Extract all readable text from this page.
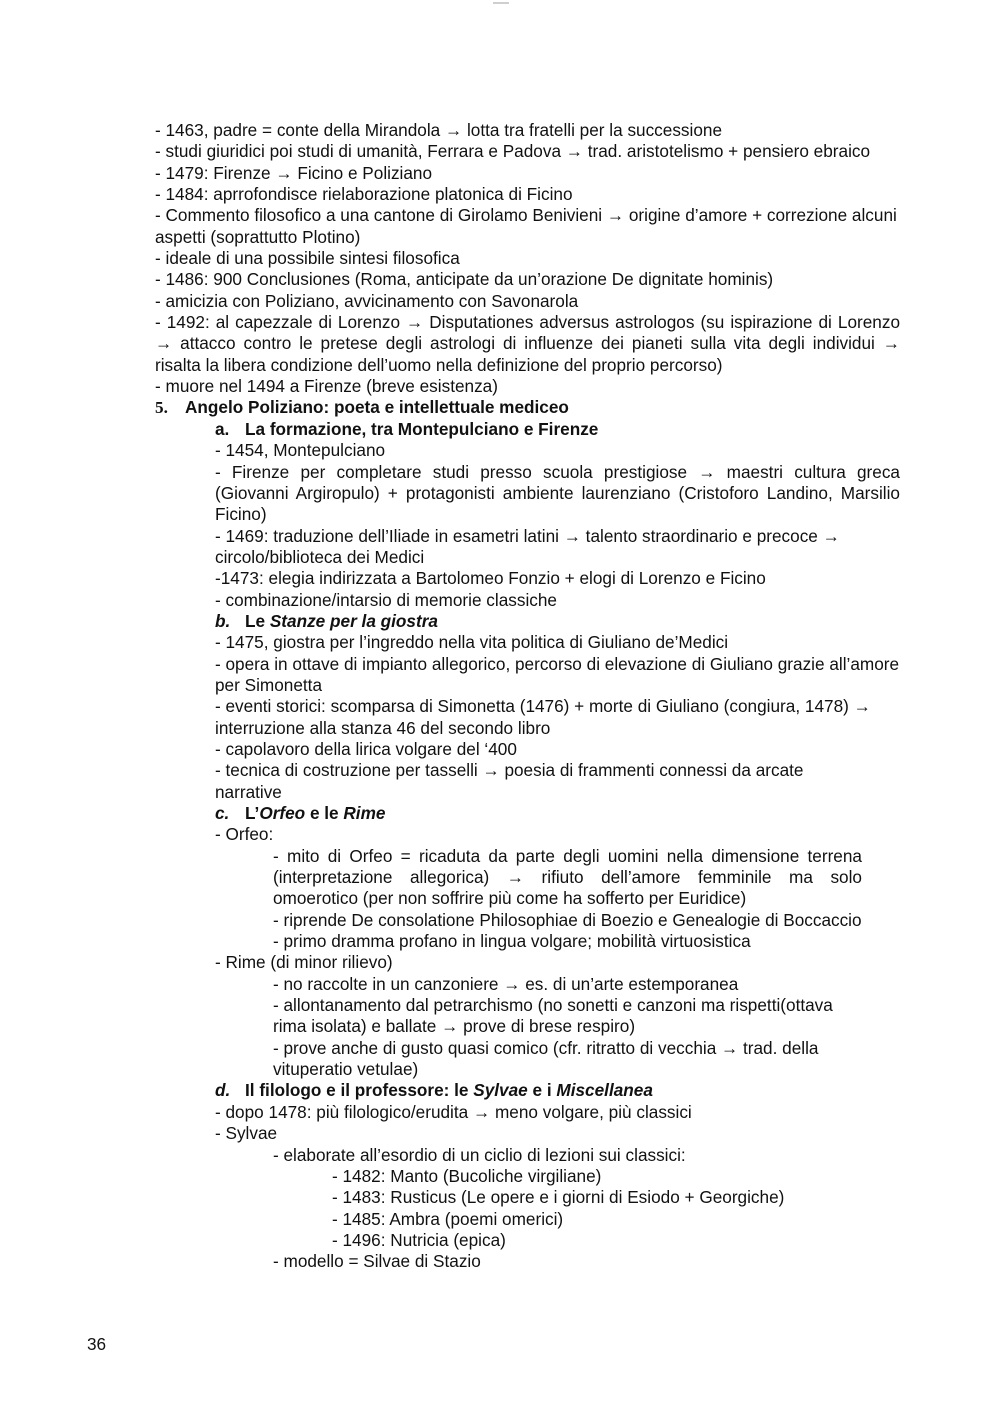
- 1463, padre = conte della Mirandola → lotta tra fratelli per la successione
- studi giuridici poi studi di umanità, Ferrara e Padova → trad. aristotelismo + pensiero ebraico
- 1479: Firenze → Ficino e Poliziano
- 1484: aprrofondisce rielaborazione platonica di Ficino
- Commento filosofico a una cantone di Girolamo Benivieni → origine d’amore + correzione alcuni aspetti (soprattutto Plotino)
- ideale di una possibile sintesi filosofica
- 1486: 900 Conclusiones (Roma, anticipate da un’orazione De dignitate hominis)
- amicizia con Poliziano, avvicinamento con Savonarola
- 1492: al capezzale di Lorenzo → Disputationes adversus astrologos (su ispirazione di Lorenzo → attacco contro le pretese degli astrologi di influenze dei pianeti sulla vita degli individui → risalta la libera condizione dell’uomo nella definizione del proprio percorso)
- muore nel 1494 a Firenze (breve esistenza)
5. Angelo Poliziano: poeta e intellettuale mediceo
a. La formazione, tra Montepulciano e Firenze
- 1454, Montepulciano
- Firenze per completare studi presso scuola prestigiose → maestri cultura greca (Giovanni Argiropulo) + protagonisti ambiente laurenziano (Cristoforo Landino, Marsilio Ficino)
- 1469: traduzione dell’Iliade in esametri latini → talento straordinario e precoce → circolo/biblioteca dei Medici
-1473: elegia indirizzata a Bartolomeo Fonzio + elogi di Lorenzo e Ficino
- combinazione/intarsio di memorie classiche
b. Le Stanze per la giostra
- 1475, giostra per l’ingreddo nella vita politica di Giuliano de’Medici
- opera in ottave di impianto allegorico, percorso di elevazione di Giuliano grazie all’amore per Simonetta
- eventi storici: scomparsa di Simonetta (1476) + morte di Giuliano (congiura, 1478) → interruzione alla stanza 46 del secondo libro
- capolavoro della lirica volgare del ‘400
- tecnica di costruzione per tasselli → poesia di frammenti connessi da arcate narrative
c. L’Orfeo e le Rime
- Orfeo:
- mito di Orfeo = ricaduta da parte degli uomini nella dimensione terrena (interpretazione allegorica) → rifiuto dell’amore femminile ma solo omoerotico (per non soffrire più come ha sofferto per Euridice)
- riprende De consolatione Philosophiae di Boezio e Genealogie di Boccaccio
- primo dramma profano in lingua volgare; mobilità virtuosistica
- Rime (di minor rilievo)
- no raccolte in un canzoniere → es. di un’arte estemporanea
- allontanamento dal petrarchismo (no sonetti e canzoni ma rispetti(ottava rima isolata) e ballate → prove di brese respiro)
- prove anche di gusto quasi comico (cfr. ritratto di vecchia → trad. della vituperatio vetulae)
d. Il filologo e il professore: le Sylvae e i Miscellanea
- dopo 1478: più filologico/erudita → meno volgare, più classici
- Sylvae
- elaborate all’esordio di un ciclio di lezioni sui classici:
- 1482: Manto (Bucoliche virgiliane)
- 1483: Rusticus (Le opere e i giorni di Esiodo + Georgiche)
- 1485: Ambra (poemi omerici)
- 1496: Nutricia (epica)
- modello = Silvae di Stazio
36
